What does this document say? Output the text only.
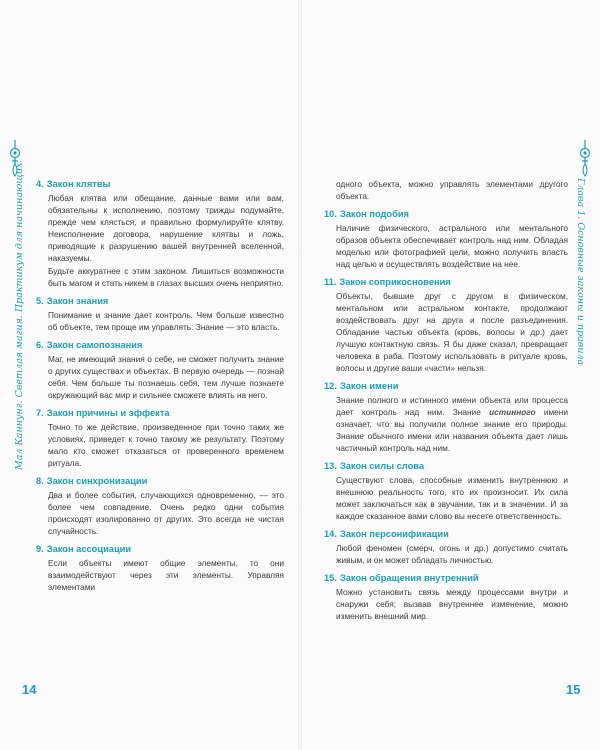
Мал Каннунг. Светлая магия. Практикум для начинающих	Глава 1. Основные законы и правила
4. Закон клятвы

Любая клятва или обещание, данные вами или вам, обязательны к исполнению, поэтому трижды подумайте, прежде чем клясться, и правильно формулируйте клятву. Неисполнение договора, нарушение клятвы и ложь, приводящие к разрушению вашей внутренней вселенной, наказуемы.

Будьте аккуратнее с этим законом. Лишиться возможности быть магом и стать никем в глазах высших очень неприятно.

5. Закон знания

Понимание и знание дает контроль. Чем больше известно об объекте, тем проще им управлять. Знание — это власть.

6. Закон самопознания

Маг, не имеющий знания о себе, не сможет получить знание о других существах и объектах. В первую очередь — познай себя. Чем больше ты познаешь себя, тем лучше познаете окружающий вас мир и сильнее сможете влиять на него.

7. Закон причины и эффекта

Точно то же действие, произведенное при точно таких же условиях, приведет к точно такому же результату. Поэтому мало кто сможет отказаться от проверенного временем ритуала.

8. Закон синхронизации

Два и более события, случающихся одновременно, — это более чем совпадение. Очень редко одни события происходят изолированно от других. Это всегда не чистая случайность.

9. Закон ассоциации

Если объекты имеют общие элементы, то они взаимодействуют через эти элементы. Управляя элементами

одного объекта, можно управлять элементами другого объекта.
10. Закон подобия

Наличие физического, астрального или ментального образов объекта обеспечивает контроль над ним. Обладая моделью или фотографией цели, можно получить власть над целью и осуществлять воздействие на нее.

11. Закон соприкосновения

Объекты, бывшие друг с другом в физическом, ментальном или астральном контакте, продолжают воздействовать друг на друга и после разъединения. Обладание частью объекта (кровь, волосы и др.) дает лучшую контактную связь. Я бы даже сказал, превращает человека в раба. Поэтому использовать в ритуале кровь, волосы и другие ваши «части» нельзя.

12. Закон имени

Знание полного и истинного имени объекта или процесса дает контроль над ним. Знание истинного имени означает, что вы получили полное знание его природы. Знание обычного имени или названия объекта дает лишь частичный контроль над ним.

13. Закон силы слова

Существуют слова, способные изменить внутреннюю и внешнюю реальность того, кто их произносит. Их сила может заключаться как в звучании, так и в значении. И за каждое сказанное вами слово вы несете ответственность.

14. Закон персонификации

Любой феномен (смерч, огонь и др.) допустимо считать живым, и он может обладать личностью.

15. Закон обращения внутренний

Можно установить связь между процессами внутри и снаружи себя; вызвав внутреннее изменение, можно изменить внешний мир.

14	15
